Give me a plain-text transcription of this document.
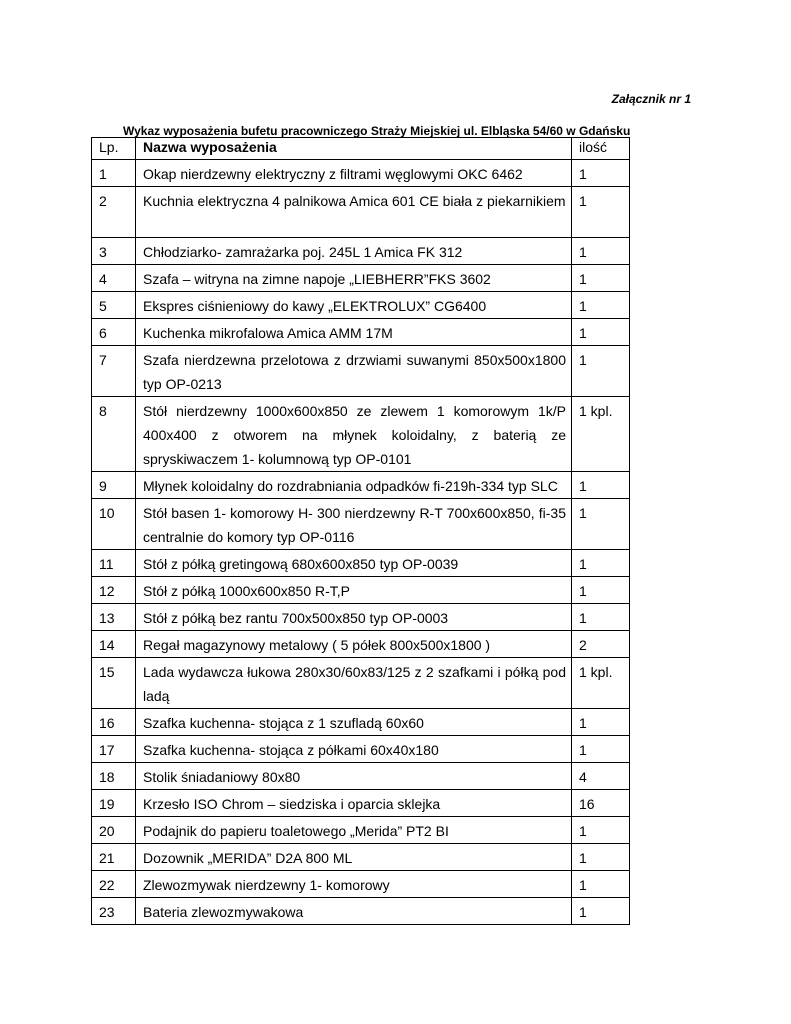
Załącznik nr 1
Wykaz wyposażenia bufetu pracowniczego Straży Miejskiej ul. Elbląska 54/60 w Gdańsku
Lp.	Nazwa wyposażenia	ilość
1	Okap nierdzewny elektryczny z filtrami węglowymi OKC 6462	1
2	Kuchnia elektryczna 4 palnikowa Amica 601 CE biała z piekarnikiem	1
3	Chłodziarko- zamrażarka poj. 245L 1 Amica FK 312	1
4	Szafa – witryna na zimne napoje „LIEBHERR”FKS 3602	1
5	Ekspres ciśnieniowy do kawy „ELEKTROLUX” CG6400	1
6	Kuchenka mikrofalowa Amica AMM 17M	1
7	Szafa nierdzewna przelotowa z drzwiami suwanymi 850x500x1800 typ OP-0213	1
8	Stół nierdzewny 1000x600x850 ze zlewem 1 komorowym 1k/P 400x400 z otworem na młynek koloidalny, z baterią ze spryskiwaczem 1- kolumnową typ OP-0101	1 kpl.
9	Młynek koloidalny do rozdrabniania odpadków fi-219h-334 typ SLC	1
10	Stół basen 1- komorowy H- 300 nierdzewny R-T 700x600x850, fi-35 centralnie do komory typ OP-0116	1
11	Stół z półką gretingową 680x600x850 typ OP-0039	1
12	Stół z półką 1000x600x850 R-T,P	1
13	Stół z półką bez rantu 700x500x850 typ OP-0003	1
14	Regał magazynowy metalowy ( 5 półek 800x500x1800 )	2
15	Lada wydawcza łukowa 280x30/60x83/125 z 2 szafkami i półką pod ladą	1 kpl.
16	Szafka kuchenna- stojąca z 1 szufladą 60x60	1
17	Szafka kuchenna- stojąca z półkami 60x40x180	1
18	Stolik śniadaniowy 80x80	4
19	Krzesło ISO Chrom – siedziska i oparcia sklejka	16
20	Podajnik do papieru toaletowego „Merida” PT2 BI	1
21	Dozownik „MERIDA” D2A 800 ML	1
22	Zlewozmywak nierdzewny 1- komorowy	1
23	Bateria zlewozmywakowa	1
